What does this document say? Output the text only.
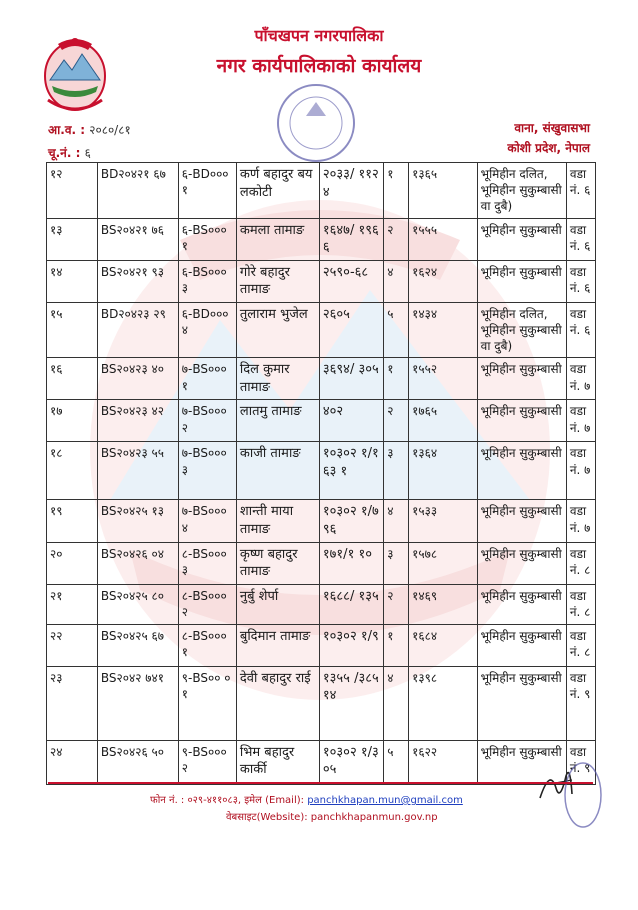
पाँचखपन नगरपालिका
नगर कार्यपालिकाको कार्यालय
आ.व. : २०८०/८१
चू.नं. : ६
वाना, संखुवासभा
कोशी प्रदेश, नेपाल
१२	BD२०४२१ ६७	६-BD०००१	कर्ण बहादुर बयलकोटी	२०३३/ ११२४	१	१३६५	भूमिहीन दलित, भूमिहीन सुकुम्बासी वा दुबै)	वडा नं. ६
१३	BS२०४२१ ७६	६-BS०००१	कमला तामाङ	१६४७/ १९६६	२	१५५५	भूमिहीन सुकुम्बासी	वडा नं. ६
१४	BS२०४२१ ९३	६-BS०००३	गोरे बहादुर तामाङ	२५९०-६८	४	१६२४	भूमिहीन सुकुम्बासी	वडा नं. ६
१५	BD२०४२३ २९	६-BD०००४	तुलाराम भुजेल	२६०५	५	१४३४	भूमिहीन दलित, भूमिहीन सुकुम्बासी वा दुबै)	वडा नं. ६
१६	BS२०४२३ ४०	७-BS०००१	दिल कुमार तामाङ	३६९४/ ३०५	१	१५५२	भूमिहीन सुकुम्बासी	वडा नं. ७
१७	BS२०४२३ ४२	७-BS०००२	लातमु तामाङ	४०२	२	१७६५	भूमिहीन सुकुम्बासी	वडा नं. ७
१८	BS२०४२३ ५५	७-BS०००३	काजी तामाङ	१०३०२ १/१६३ १	३	१३६४	भूमिहीन सुकुम्बासी	वडा नं. ७
१९	BS२०४२५ १३	७-BS०००४	शान्ती माया तामाङ	१०३०२ १/७९६	४	१५३३	भूमिहीन सुकुम्बासी	वडा नं. ७
२०	BS२०४२६ ०४	८-BS०००३	कृष्ण बहादुर तामाङ	१७१/१ १०	३	१५७८	भूमिहीन सुकुम्बासी	वडा नं. ८
२१	BS२०४२५ ८०	८-BS०००२	नुर्बु शेर्पा	१६८८/ १३५	२	१४६९	भूमिहीन सुकुम्बासी	वडा नं. ८
२२	BS२०४२५ ६७	८-BS०००१	बुदिमान तामाङ	१०३०२ १/९	१	१६८४	भूमिहीन सुकुम्बासी	वडा नं. ८
२३	BS२०४२ ७४१	९-BS०० ०१	देवी बहादुर राई	१३५५ /३८५ १४	४	१३९८	भूमिहीन सुकुम्बासी	वडा नं. ९
२४	BS२०४२६ ५०	९-BS०००२	भिम बहादुर कार्की	१०३०२ १/३०५	५	१६२२	भूमिहीन सुकुम्बासी	वडा नं. ९
फोन नं. : ०२९-४११०८३, इमेल (Email): panchkhapan.mun@gmail.com
वेबसाइट(Website): panchkhapanmun.gov.np
